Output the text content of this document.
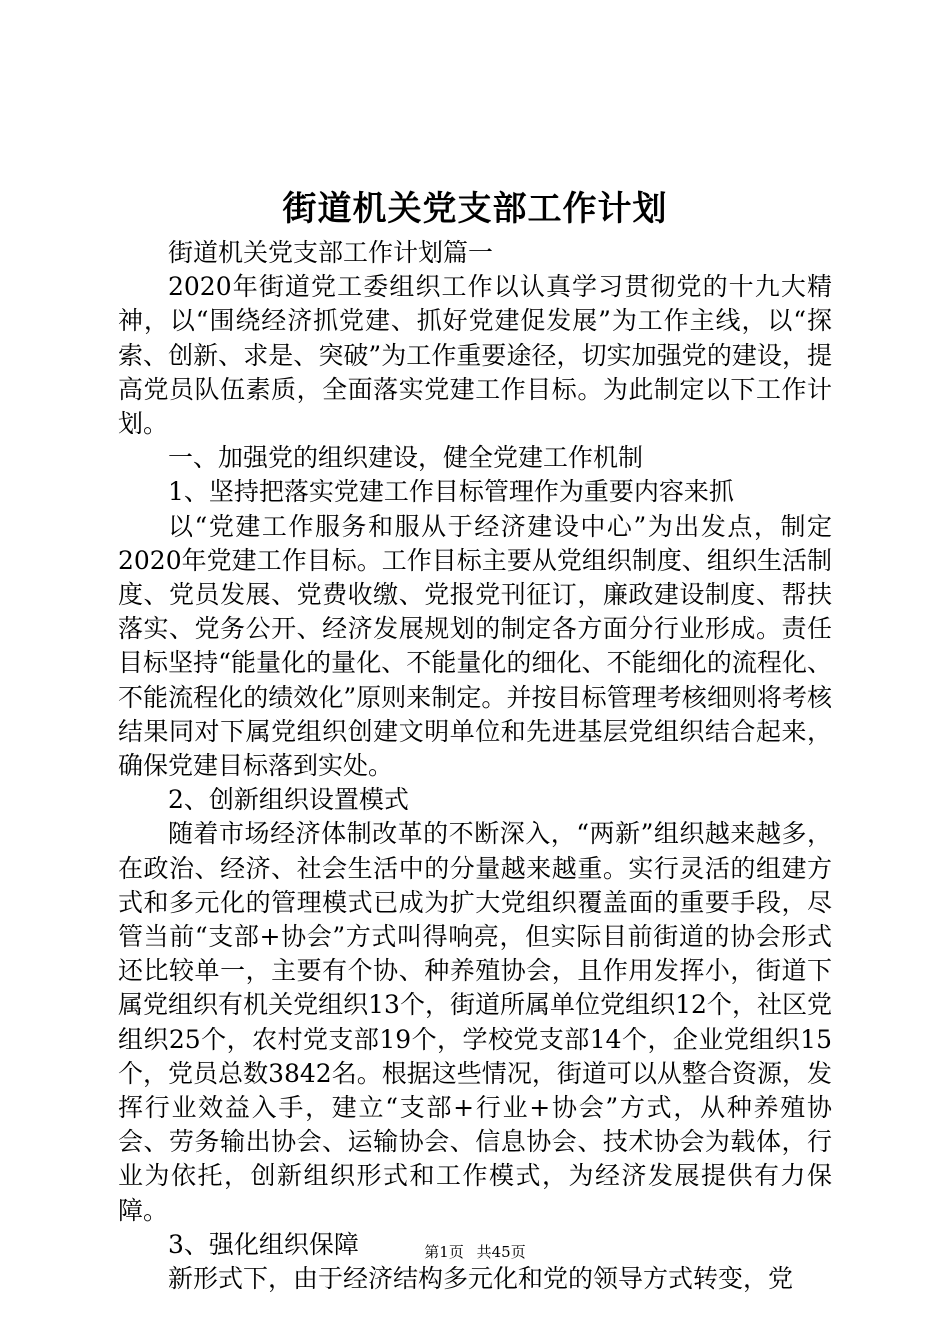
街道机关党支部工作计划

街道机关党支部工作计划篇一

2020年街道党工委组织工作以认真学习贯彻党的十九大精神，以“围绕经济抓党建、抓好党建促发展”为工作主线，以“探索、创新、求是、突破”为工作重要途径，切实加强党的建设，提高党员队伍素质，全面落实党建工作目标。为此制定以下工作计划。

一、加强党的组织建设，健全党建工作机制

1、坚持把落实党建工作目标管理作为重要内容来抓

以“党建工作服务和服从于经济建设中心”为出发点，制定2020年党建工作目标。工作目标主要从党组织制度、组织生活制度、党员发展、党费收缴、党报党刊征订，廉政建设制度、帮扶落实、党务公开、经济发展规划的制定各方面分行业形成。责任目标坚持“能量化的量化、不能量化的细化、不能细化的流程化、不能流程化的绩效化”原则来制定。并按目标管理考核细则将考核结果同对下属党组织创建文明单位和先进基层党组织结合起来，确保党建目标落到实处。

2、创新组织设置模式

随着市场经济体制改革的不断深入，“两新”组织越来越多，在政治、经济、社会生活中的分量越来越重。实行灵活的组建方式和多元化的管理模式已成为扩大党组织覆盖面的重要手段，尽管当前“支部+协会”方式叫得响亮，但实际目前街道的协会形式还比较单一，主要有个协、种养殖协会，且作用发挥小，街道下属党组织有机关党组织13个，街道所属单位党组织12个，社区党组织25个，农村党支部19个，学校党支部14个，企业党组织15个，党员总数3842名。根据这些情况，街道可以从整合资源，发挥行业效益入手，建立“支部+行业+协会”方式，从种养殖协会、劳务输出协会、运输协会、信息协会、技术协会为载体，行业为依托，创新组织形式和工作模式，为经济发展提供有力保障。

3、强化组织保障

新形式下，由于经济结构多元化和党的领导方式转变，党

第1页 共45页
